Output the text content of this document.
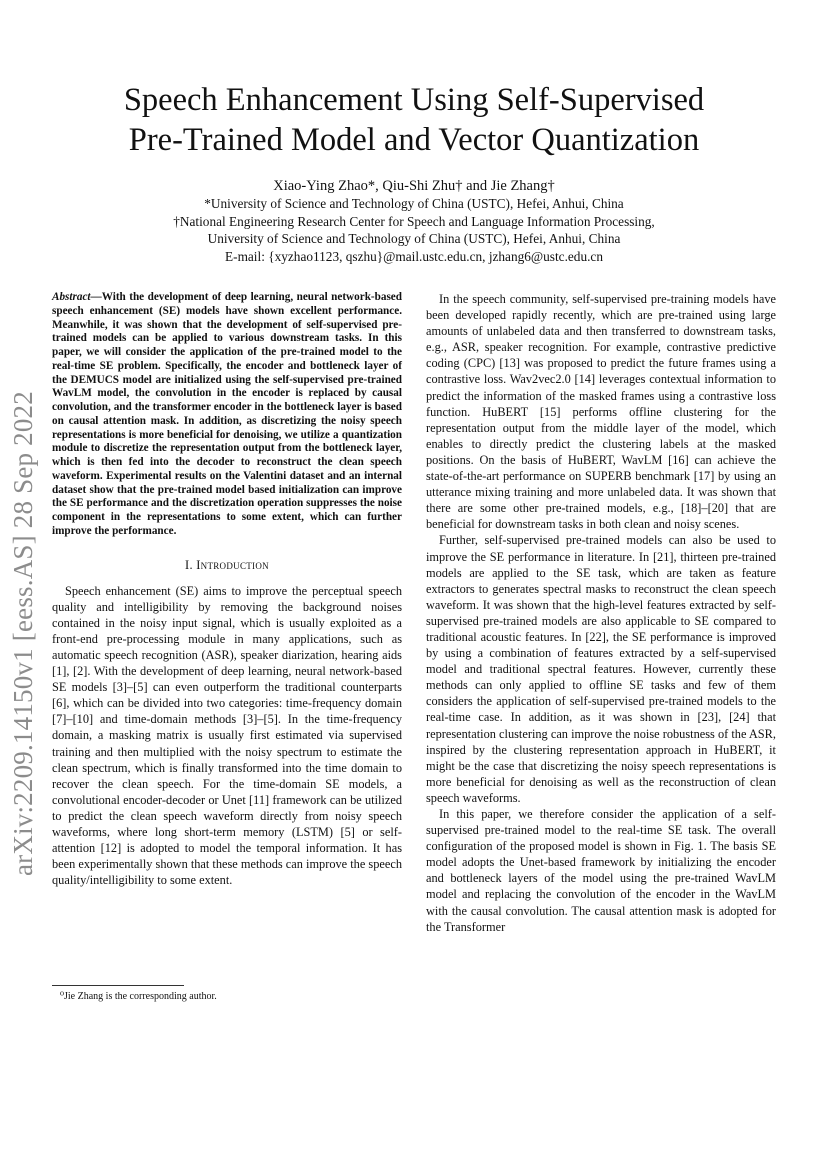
arXiv:2209.14150v1 [eess.AS] 28 Sep 2022
Speech Enhancement Using Self-Supervised
Pre-Trained Model and Vector Quantization
Xiao-Ying Zhao*, Qiu-Shi Zhu† and Jie Zhang†
*University of Science and Technology of China (USTC), Hefei, Anhui, China
†National Engineering Research Center for Speech and Language Information Processing,
University of Science and Technology of China (USTC), Hefei, Anhui, China
E-mail: {xyzhao1123, qszhu}@mail.ustc.edu.cn, jzhang6@ustc.edu.cn

Abstract—With the development of deep learning, neural network-based speech enhancement (SE) models have shown excellent performance. Meanwhile, it was shown that the development of self-supervised pre-trained models can be applied to various downstream tasks. In this paper, we will consider the application of the pre-trained model to the real-time SE problem. Specifically, the encoder and bottleneck layer of the DEMUCS model are initialized using the self-supervised pre-trained WavLM model, the convolution in the encoder is replaced by causal convolution, and the transformer encoder in the bottleneck layer is based on causal attention mask. In addition, as discretizing the noisy speech representations is more beneficial for denoising, we utilize a quantization module to discretize the representation output from the bottleneck layer, which is then fed into the decoder to reconstruct the clean speech waveform. Experimental results on the Valentini dataset and an internal dataset show that the pre-trained model based initialization can improve the SE performance and the discretization operation suppresses the noise component in the representations to some extent, which can further improve the performance.

I. Introduction

Speech enhancement (SE) aims to improve the perceptual speech quality and intelligibility by removing the background noises contained in the noisy input signal, which is usually exploited as a front-end pre-processing module in many applications, such as automatic speech recognition (ASR), speaker diarization, hearing aids [1], [2]. With the development of deep learning, neural network-based SE models [3]–[5] can even outperform the traditional counterparts [6], which can be divided into two categories: time-frequency domain [7]–[10] and time-domain methods [3]–[5]. In the time-frequency domain, a masking matrix is usually first estimated via supervised training and then multiplied with the noisy spectrum to estimate the clean spectrum, which is finally transformed into the time domain to recover the clean speech. For the time-domain SE models, a convolutional encoder-decoder or Unet [11] framework can be utilized to predict the clean speech waveform directly from noisy speech waveforms, where long short-term memory (LSTM) [5] or self-attention [12] is adopted to model the temporal information. It has been experimentally shown that these methods can improve the speech quality/intelligibility to some extent.

In the speech community, self-supervised pre-training models have been developed rapidly recently, which are pre-trained using large amounts of unlabeled data and then transferred to downstream tasks, e.g., ASR, speaker recognition. For example, contrastive predictive coding (CPC) [13] was proposed to predict the future frames using a contrastive loss. Wav2vec2.0 [14] leverages contextual information to predict the information of the masked frames using a contrastive loss function. HuBERT [15] performs offline clustering for the representation output from the middle layer of the model, which enables to directly predict the clustering labels at the masked positions. On the basis of HuBERT, WavLM [16] can achieve the state-of-the-art performance on SUPERB benchmark [17] by using an utterance mixing training and more unlabeled data. It was shown that there are some other pre-trained models, e.g., [18]–[20] that are beneficial for downstream tasks in both clean and noisy scenes.

Further, self-supervised pre-trained models can also be used to improve the SE performance in literature. In [21], thirteen pre-trained models are applied to the SE task, which are taken as feature extractors to generates spectral masks to reconstruct the clean speech waveform. It was shown that the high-level features extracted by self-supervised pre-trained models are also applicable to SE compared to traditional acoustic features. In [22], the SE performance is improved by using a combination of features extracted by a self-supervised model and traditional spectral features. However, currently these methods can only applied to offline SE tasks and few of them considers the application of self-supervised pre-trained models to the real-time case. In addition, as it was shown in [23], [24] that representation clustering can improve the noise robustness of the ASR, inspired by the clustering representation approach in HuBERT, it might be the case that discretizing the noisy speech representations is more beneficial for denoising as well as the reconstruction of clean speech waveforms.

In this paper, we therefore consider the application of a self-supervised pre-trained model to the real-time SE task. The overall configuration of the proposed model is shown in Fig. 1. The basis SE model adopts the Unet-based framework by initializing the encoder and bottleneck layers of the model using the pre-trained WavLM model and replacing the convolution of the encoder in the WavLM with the causal convolution. The causal attention mask is adopted for the Transformer

⁰Jie Zhang is the corresponding author.
